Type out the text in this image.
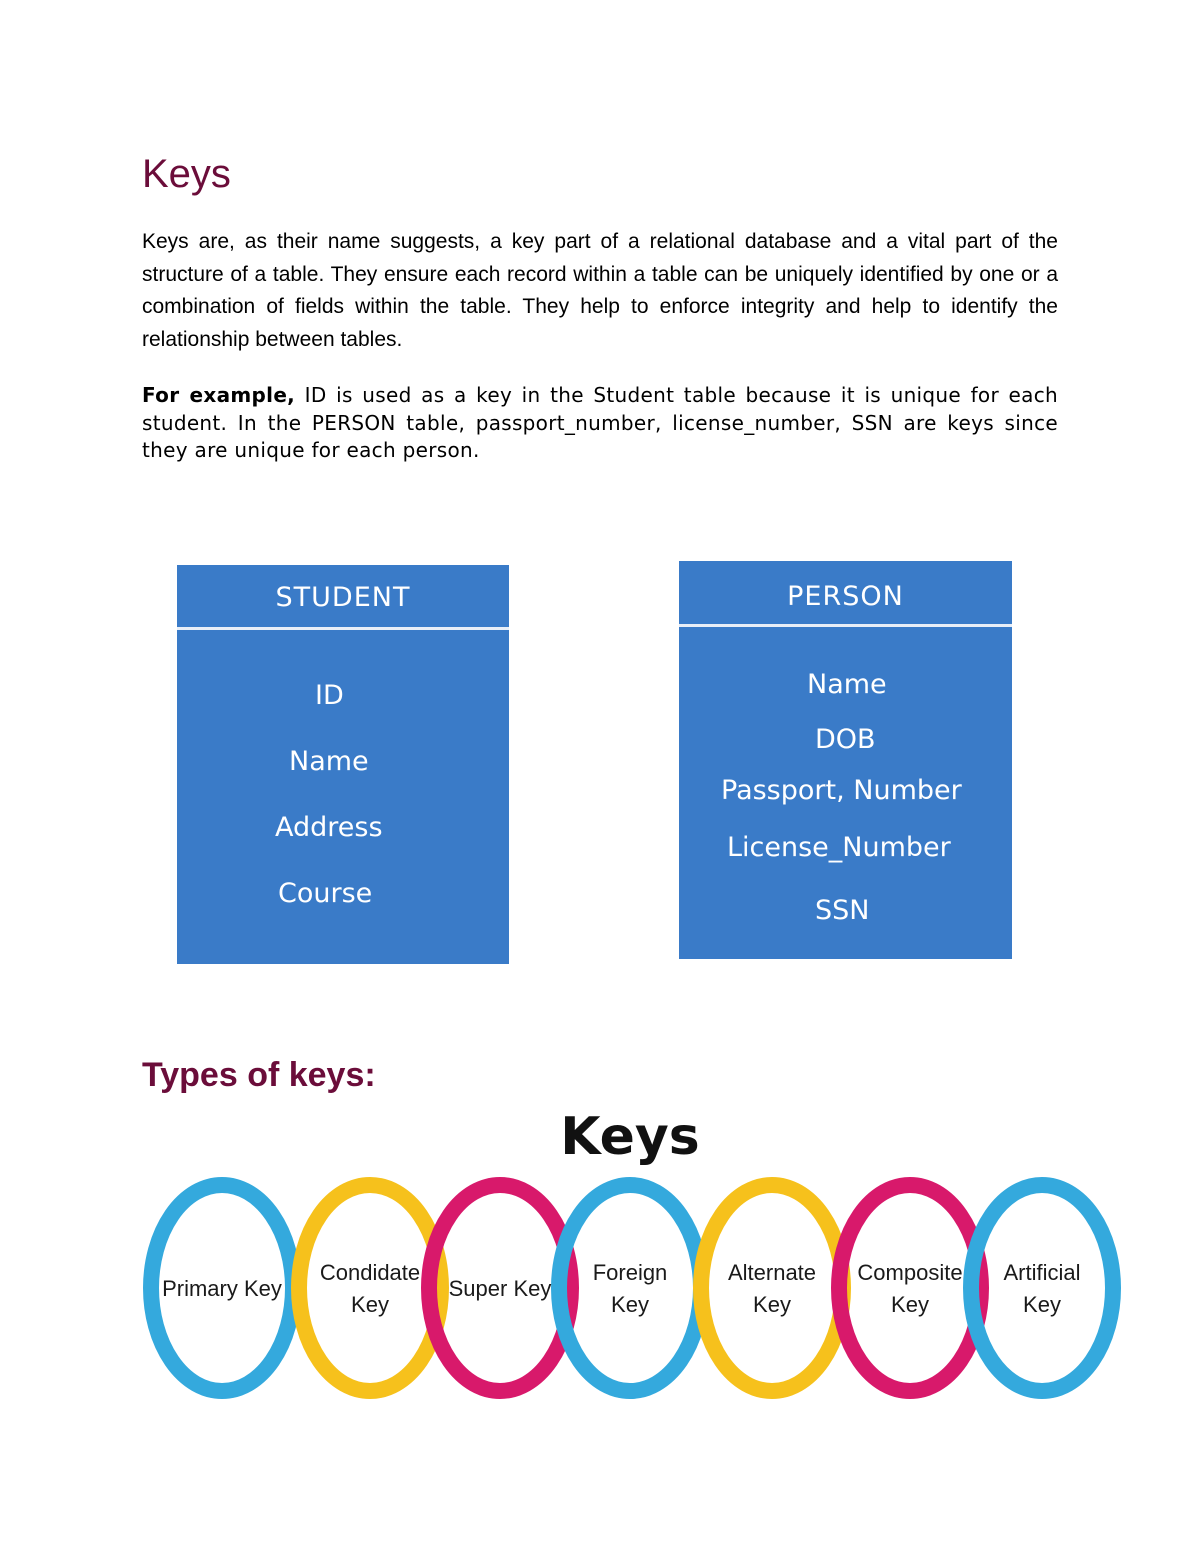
Keys

Keys are, as their name suggests, a key part of a relational database and a vital part of the structure of a table. They ensure each record within a table can be uniquely identified by one or a combination of fields within the table. They help to enforce integrity and help to identify the relationship between tables.

For example, ID is used as a key in the Student table because it is unique for each student. In the PERSON table, passport_number, license_number, SSN are keys since they are unique for each person.

STUDENT
ID
Name
Address
Course
PERSON
Name
DOB
Passport, Number
License_Number
SSN
Types of keys:
Keys
Primary Key
Condidate Key
Super Key
Foreign Key
Alternate Key
Composite Key
Artificial Key
